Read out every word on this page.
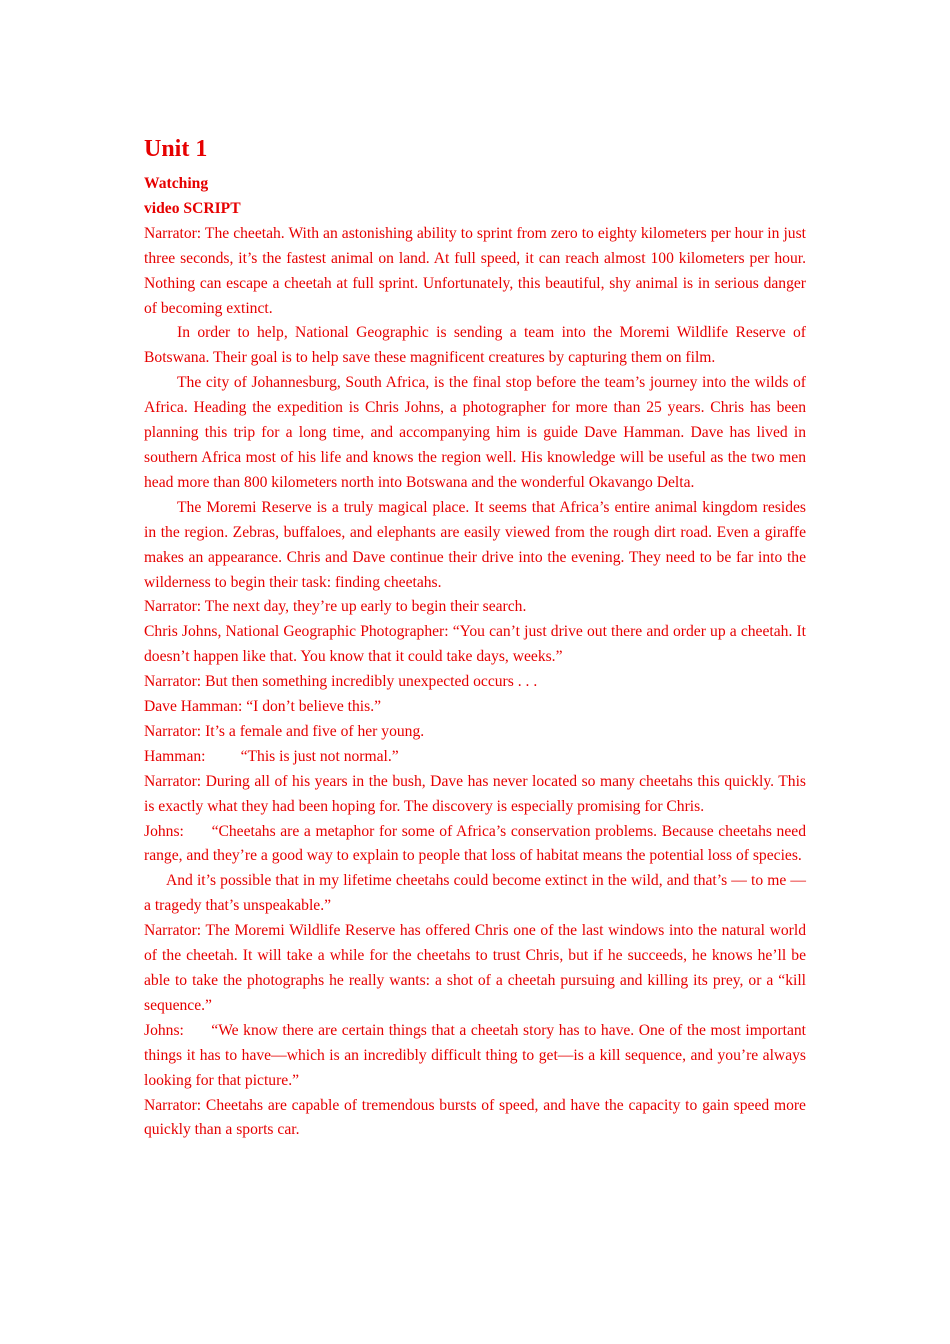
Unit 1
Watching
video SCRIPT

Narrator: The cheetah. With an astonishing ability to sprint from zero to eighty kilometers per hour in just three seconds, it’s the fastest animal on land. At full speed, it can reach almost 100 kilometers per hour. Nothing can escape a cheetah at full sprint. Unfortunately, this beautiful, shy animal is in serious danger of becoming extinct.

In order to help, National Geographic is sending a team into the Moremi Wildlife Reserve of Botswana. Their goal is to help save these magnificent creatures by capturing them on film.

The city of Johannesburg, South Africa, is the final stop before the team’s journey into the wilds of Africa. Heading the expedition is Chris Johns, a photographer for more than 25 years. Chris has been planning this trip for a long time, and accompanying him is guide Dave Hamman. Dave has lived in southern Africa most of his life and knows the region well. His knowledge will be useful as the two men head more than 800 kilometers north into Botswana and the wonderful Okavango Delta.

The Moremi Reserve is a truly magical place. It seems that Africa’s entire animal kingdom resides in the region. Zebras, buffaloes, and elephants are easily viewed from the rough dirt road. Even a giraffe makes an appearance. Chris and Dave continue their drive into the evening. They need to be far into the wilderness to begin their task: finding cheetahs.

Narrator: The next day, they’re up early to begin their search.

Chris Johns, National Geographic Photographer: “You can’t just drive out there and order up a cheetah. It doesn’t happen like that. You know that it could take days, weeks.”

Narrator: But then something incredibly unexpected occurs . . .

Dave Hamman: “I don’t believe this.”

Narrator: It’s a female and five of her young.

Hamman: “This is just not normal.”

Narrator: During all of his years in the bush, Dave has never located so many cheetahs this quickly. This is exactly what they had been hoping for. The discovery is especially promising for Chris.

Johns: “Cheetahs are a metaphor for some of Africa’s conservation problems. Because cheetahs need range, and they’re a good way to explain to people that loss of habitat means the potential loss of species.

And it’s possible that in my lifetime cheetahs could become extinct in the wild, and that’s — to me — a tragedy that’s unspeakable.”

Narrator: The Moremi Wildlife Reserve has offered Chris one of the last windows into the natural world of the cheetah. It will take a while for the cheetahs to trust Chris, but if he succeeds, he knows he’ll be able to take the photographs he really wants: a shot of a cheetah pursuing and killing its prey, or a “kill sequence.”

Johns: “We know there are certain things that a cheetah story has to have. One of the most important things it has to have—which is an incredibly difficult thing to get—is a kill sequence, and you’re always looking for that picture.”

Narrator: Cheetahs are capable of tremendous bursts of speed, and have the capacity to gain speed more quickly than a sports car.
